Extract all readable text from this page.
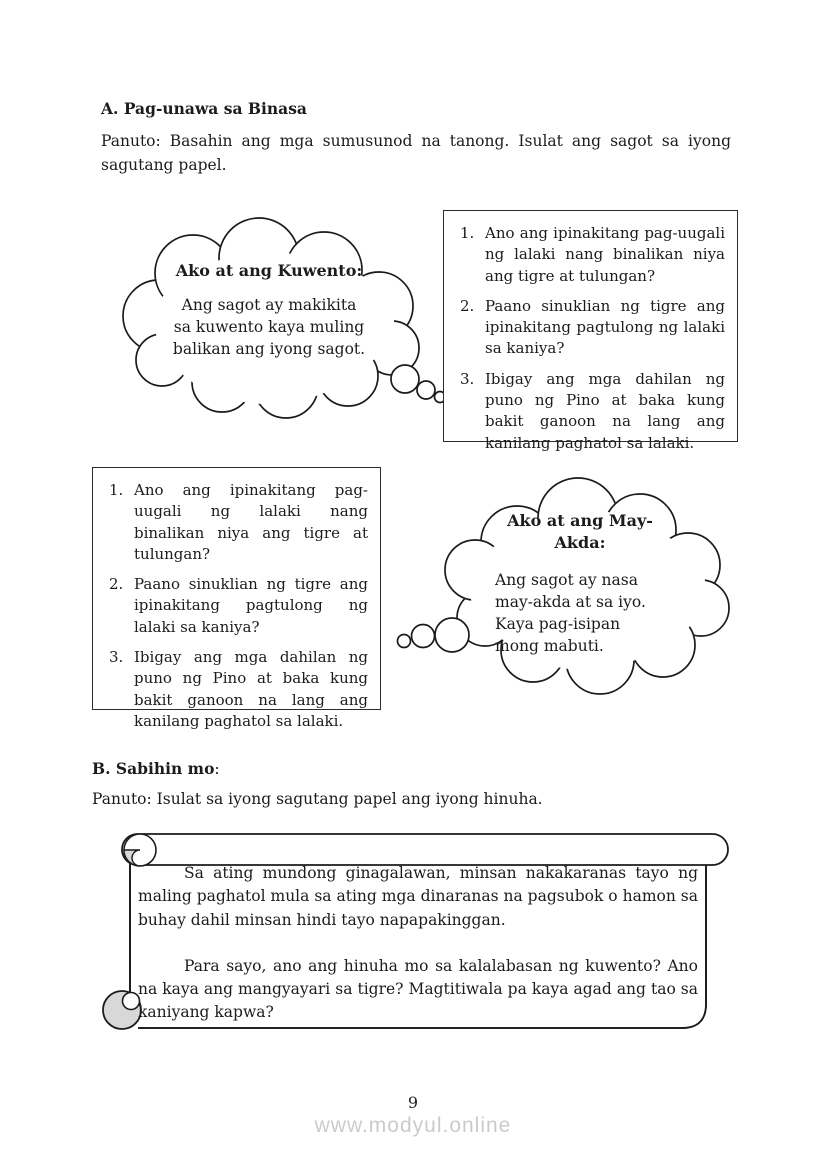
A. Pag-unawa sa Binasa
Panuto: Basahin ang mga sumusunod na tanong. Isulat ang sagot sa iyong sagutang papel.
Ako at ang Kuwento:
Ang sagot ay makikita sa kuwento kaya muling balikan ang iyong sagot.
Ano ang ipinakitang pag-uugali ng lalaki nang binalikan niya ang tigre at tulungan?
Paano sinuklian ng tigre ang ipinakitang pagtulong ng lalaki sa kaniya?
Ibigay ang mga dahilan ng puno ng Pino at baka kung bakit ganoon na lang ang kanilang paghatol sa lalaki.
Ano ang ipinakitang pag-uugali ng lalaki nang binalikan niya ang tigre at tulungan?
Paano sinuklian ng tigre ang ipinakitang pagtulong ng lalaki sa kaniya?
Ibigay ang mga dahilan ng puno ng Pino at baka kung bakit ganoon na lang ang kanilang paghatol sa lalaki.
Ako at ang May-Akda:
Ang sagot ay nasa may-akda at sa iyo. Kaya pag-isipan mong mabuti.
B. Sabihin mo:
Panuto: Isulat sa iyong sagutang papel ang iyong hinuha.

Sa ating mundong ginagalawan, minsan nakakaranas tayo ng maling paghatol mula sa ating mga dinaranas na pagsubok o hamon sa buhay dahil minsan hindi tayo napapakinggan.

Para sayo, ano ang hinuha mo sa kalalabasan ng kuwento? Ano na kaya ang mangyayari sa tigre? Magtitiwala pa kaya agad ang tao sa kaniyang kapwa?

9
www.modyul.online
